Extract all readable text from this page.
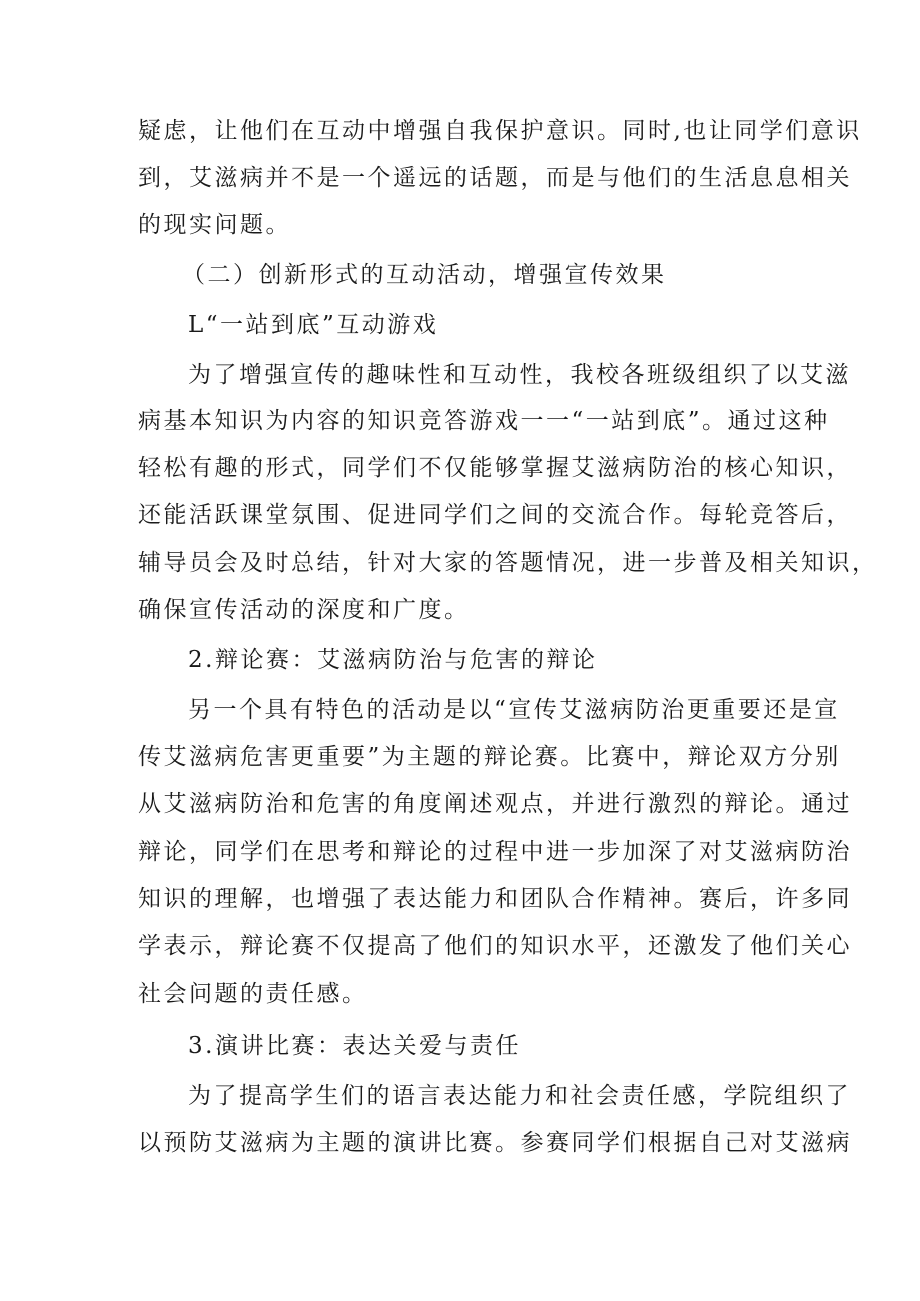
疑虑，让他们在互动中增强自我保护意识。同时,也让同学们意识
到，艾滋病并不是一个遥远的话题，而是与他们的生活息息相关
的现实问题。
（二）创新形式的互动活动，增强宣传效果
L“一站到底”互动游戏
为了增强宣传的趣味性和互动性，我校各班级组织了以艾滋
病基本知识为内容的知识竞答游戏一一“一站到底”。通过这种
轻松有趣的形式，同学们不仅能够掌握艾滋病防治的核心知识，
还能活跃课堂氛围、促进同学们之间的交流合作。每轮竞答后，
辅导员会及时总结，针对大家的答题情况，进一步普及相关知识，
确保宣传活动的深度和广度。
2.辩论赛：艾滋病防治与危害的辩论
另一个具有特色的活动是以“宣传艾滋病防治更重要还是宣
传艾滋病危害更重要”为主题的辩论赛。比赛中，辩论双方分别
从艾滋病防治和危害的角度阐述观点，并进行激烈的辩论。通过
辩论，同学们在思考和辩论的过程中进一步加深了对艾滋病防治
知识的理解，也增强了表达能力和团队合作精神。赛后，许多同
学表示，辩论赛不仅提高了他们的知识水平，还激发了他们关心
社会问题的责任感。
3.演讲比赛：表达关爱与责任
为了提高学生们的语言表达能力和社会责任感，学院组织了
以预防艾滋病为主题的演讲比赛。参赛同学们根据自己对艾滋病
